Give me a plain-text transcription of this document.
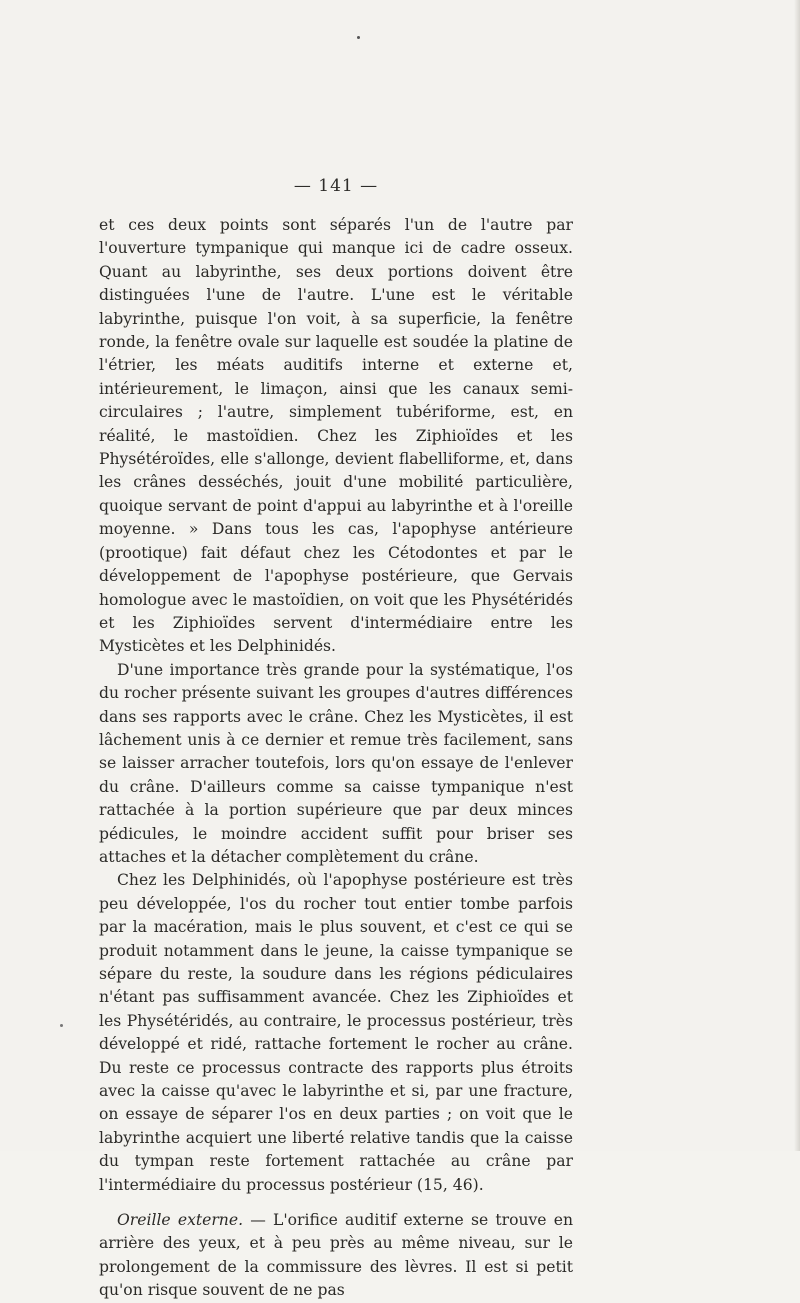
— 141 —

et ces deux points sont séparés l'un de l'autre par l'ouverture tympanique qui manque ici de cadre osseux. Quant au labyrinthe, ses deux portions doivent être distinguées l'une de l'autre. L'une est le véritable labyrinthe, puisque l'on voit, à sa superficie, la fenêtre ronde, la fenêtre ovale sur laquelle est soudée la platine de l'étrier, les méats auditifs interne et externe et, intérieurement, le limaçon, ainsi que les canaux semi-circulaires ; l'autre, simplement tubériforme, est, en réalité, le mastoïdien. Chez les Ziphioïdes et les Physétéroïdes, elle s'allonge, devient flabelliforme, et, dans les crânes desséchés, jouit d'une mobilité particulière, quoique servant de point d'appui au labyrinthe et à l'oreille moyenne. » Dans tous les cas, l'apophyse antérieure (prootique) fait défaut chez les Cétodontes et par le développement de l'apophyse postérieure, que Gervais homologue avec le mastoïdien, on voit que les Physétéridés et les Ziphioïdes servent d'intermédiaire entre les Mysticètes et les Delphinidés.

D'une importance très grande pour la systématique, l'os du rocher présente suivant les groupes d'autres différences dans ses rapports avec le crâne. Chez les Mysticètes, il est lâchement unis à ce dernier et remue très facilement, sans se laisser arracher toutefois, lors qu'on essaye de l'enlever du crâne. D'ailleurs comme sa caisse tympanique n'est rattachée à la portion supérieure que par deux minces pédicules, le moindre accident suffit pour briser ses attaches et la détacher complètement du crâne.

Chez les Delphinidés, où l'apophyse postérieure est très peu développée, l'os du rocher tout entier tombe parfois par la macération, mais le plus souvent, et c'est ce qui se produit notamment dans le jeune, la caisse tympanique se sépare du reste, la soudure dans les régions pédiculaires n'étant pas suffisamment avancée. Chez les Ziphioïdes et les Physétéridés, au contraire, le processus postérieur, très développé et ridé, rattache fortement le rocher au crâne. Du reste ce processus contracte des rapports plus étroits avec la caisse qu'avec le labyrinthe et si, par une fracture, on essaye de séparer l'os en deux parties ; on voit que le labyrinthe acquiert une liberté relative tandis que la caisse du tympan reste fortement rattachée au crâne par l'intermédiaire du processus postérieur (15, 46).

Oreille externe. — L'orifice auditif externe se trouve en arrière des yeux, et à peu près au même niveau, sur le prolongement de la commissure des lèvres. Il est si petit qu'on risque souvent de ne pas
